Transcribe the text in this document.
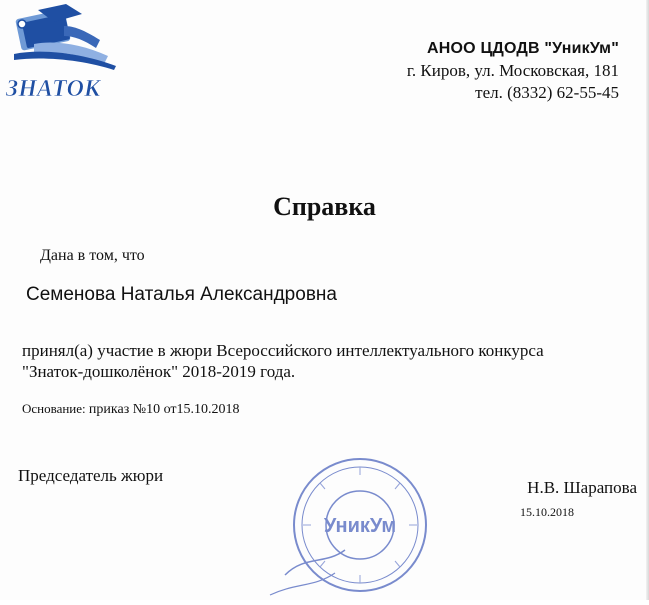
ЗНАТОК
АНОО ЦДОДВ "УникУм"
г. Киров, ул. Московская, 181
тел. (8332) 62-55-45
Справка
Дана в том, что
Семенова Наталья Александровна
принял(а) участие в жюри Всероссийского интеллектуального конкурса
"Знаток-дошколёнок" 2018-2019 года.
Основание: приказ №10 от15.10.2018
Председатель жюри
УникУм
Н.В. Шарапова
15.10.2018
